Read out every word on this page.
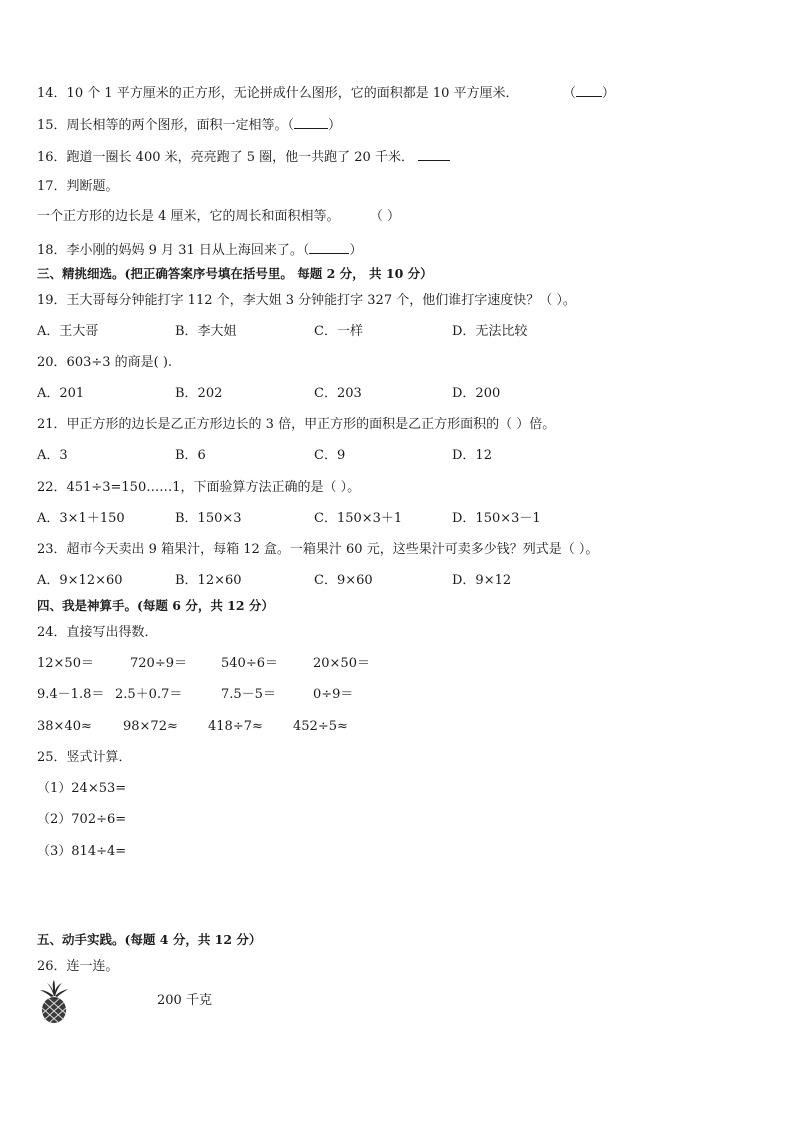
14．10 个 1 平方厘米的正方形，无论拼成什么图形，它的面积都是 10 平方厘米．	（ ）
15．周长相等的两个图形，面积一定相等。（	）
16．跑道一圈长 400 米，亮亮跑了 5 圈，他一共跑了 20 千米．
17．判断题。
一个正方形的边长是 4 厘米，它的周长和面积相等。 （ ）
18．李小刚的妈妈 9 月 31 日从上海回来了。（	）
三、精挑细选。(把正确答案序号填在括号里。 每题 2 分， 共 10 分）
19．王大哥每分钟能打字 112 个，李大姐 3 分钟能打字 327 个，他们谁打字速度快？（ ）。
A．王大哥	B．李大姐	C．一样	D．无法比较
20．603÷3 的商是( ).
A．201	B．202	C．203	D．200
21．甲正方形的边长是乙正方形边长的 3 倍，甲正方形的面积是乙正方形面积的（ ）倍。
A．3	B．6	C．9	D．12
22．451÷3=150……1，下面验算方法正确的是（ ）。
A．3×1＋150	B．150×3	C．150×3＋1	D．150×3－1
23．超市今天卖出 9 箱果汁，每箱 12 盒。一箱果汁 60 元，这些果汁可卖多少钱？列式是（ ）。
A．9×12×60	B．12×60	C．9×60	D．9×12
四、我是神算手。(每题 6 分，共 12 分）
24．直接写出得数．
12×50＝	720÷9＝	540÷6＝	20×50＝
9.4－1.8＝ 2.5＋0.7＝	7.5－5＝	0÷9＝
38×40≈ 98×72≈ 418÷7≈ 452÷5≈
25．竖式计算．
（1）24×53=
（2）702÷6=
（3）814÷4=
五、动手实践。(每题 4 分，共 12 分）
26．连一连。
200 千克
